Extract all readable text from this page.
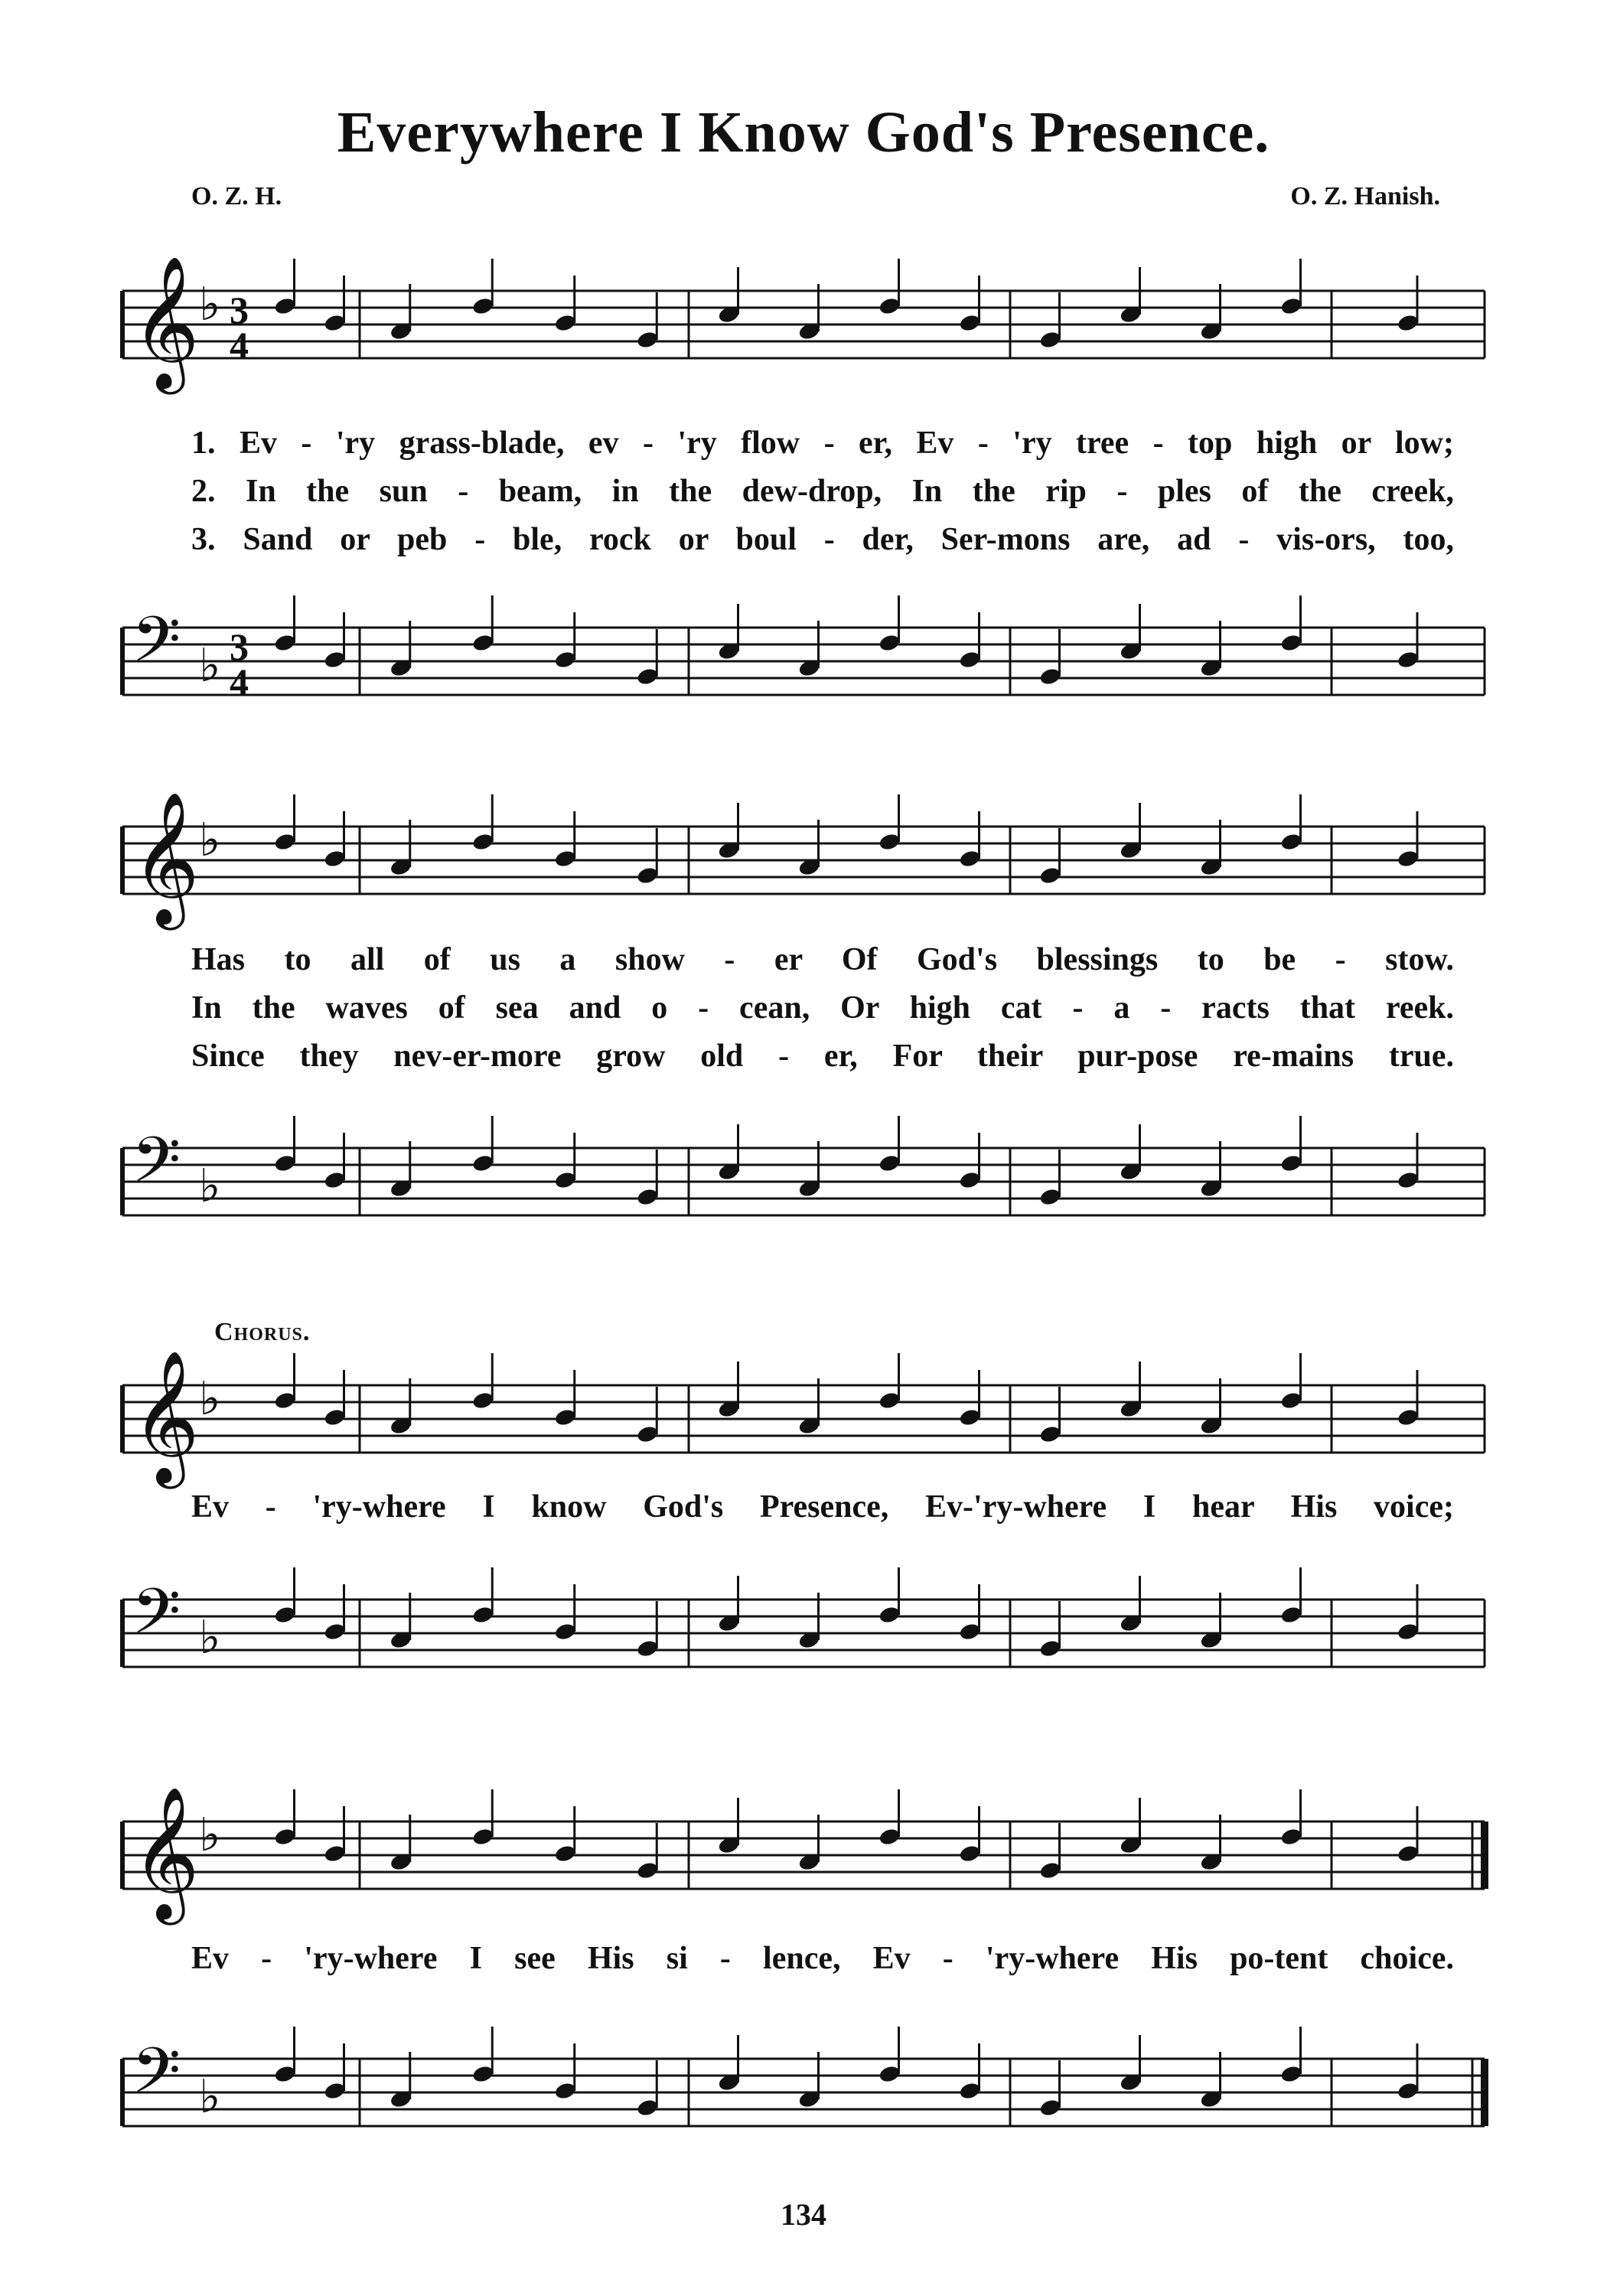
Everywhere I Know God's Presence.
O. Z. H.	O. Z. Hanish.
𝄞 ♭ 3
4
1. Ev - 'ry grass-blade, ev - 'ry flow - er, Ev - 'ry tree - top high or low;
2. In the sun - beam, in the dew-drop, In the rip - ples of the creek,
3. Sand or peb - ble, rock or boul - der, Ser-mons are, ad - vis-ors, too,
𝄢 ♭ 3
4
𝄞 ♭
Has to all of us a show - er Of God's blessings to be - stow.
In the waves of sea and o - cean, Or high cat - a - racts that reek.
Since they nev-er-more grow old - er, For their pur-pose re-mains true.
𝄢 ♭
Chorus.
𝄞 ♭
Ev - 'ry-where I know God's Presence, Ev-'ry-where I hear His voice;
𝄢 ♭
𝄞 ♭
Ev - 'ry-where I see His si - lence, Ev - 'ry-where His po-tent choice.
𝄢 ♭
134
